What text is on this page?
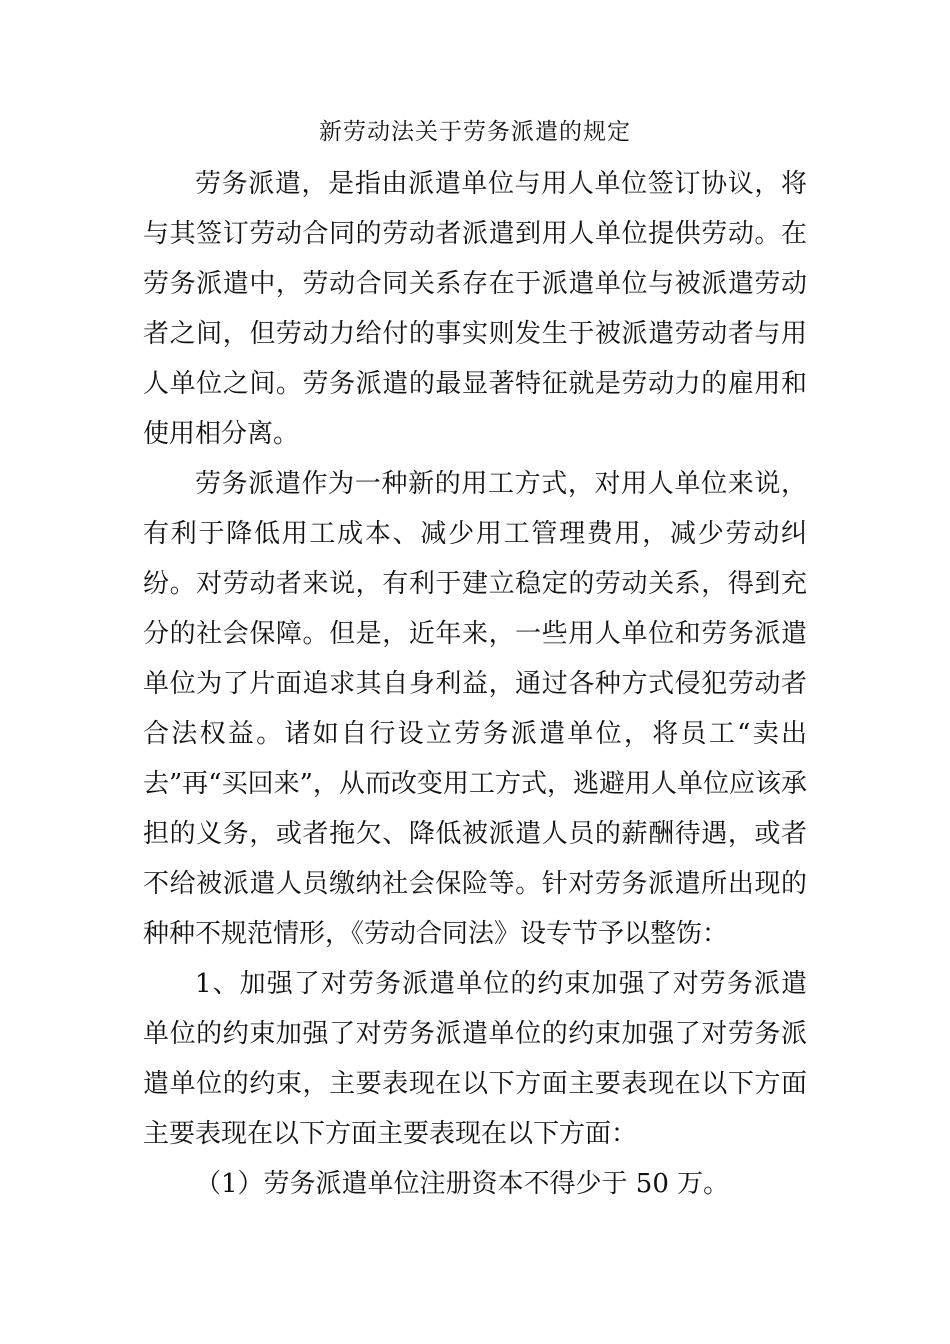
新劳动法关于劳务派遣的规定

劳务派遣，是指由派遣单位与用人单位签订协议，将与其签订劳动合同的劳动者派遣到用人单位提供劳动。在劳务派遣中，劳动合同关系存在于派遣单位与被派遣劳动者之间，但劳动力给付的事实则发生于被派遣劳动者与用人单位之间。劳务派遣的最显著特征就是劳动力的雇用和使用相分离。

劳务派遣作为一种新的用工方式，对用人单位来说，有利于降低用工成本、减少用工管理费用，减少劳动纠纷。对劳动者来说，有利于建立稳定的劳动关系，得到充分的社会保障。但是，近年来，一些用人单位和劳务派遣单位为了片面追求其自身利益，通过各种方式侵犯劳动者合法权益。诸如自行设立劳务派遣单位，将员工“卖出去”再“买回来”，从而改变用工方式，逃避用人单位应该承担的义务，或者拖欠、降低被派遣人员的薪酬待遇，或者不给被派遣人员缴纳社会保险等。针对劳务派遣所出现的种种不规范情形，《劳动合同法》设专节予以整饬：

1、加强了对劳务派遣单位的约束加强了对劳务派遣单位的约束加强了对劳务派遣单位的约束加强了对劳务派遣单位的约束，主要表现在以下方面主要表现在以下方面主要表现在以下方面主要表现在以下方面：

（1）劳务派遣单位注册资本不得少于 50 万。
